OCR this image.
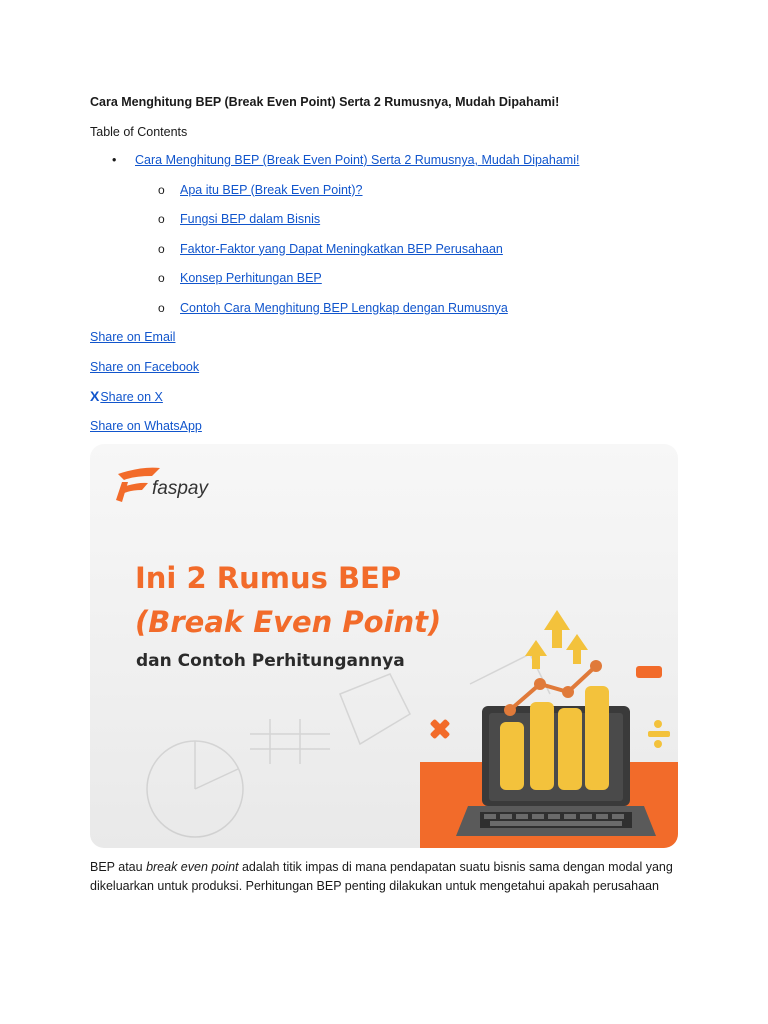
Cara Menghitung BEP (Break Even Point) Serta 2 Rumusnya, Mudah Dipahami!

Table of Contents
• Cara Menghitung BEP (Break Even Point) Serta 2 Rumusnya, Mudah Dipahami!
o Apa itu BEP (Break Even Point)?
o Fungsi BEP dalam Bisnis
o Faktor-Faktor yang Dapat Meningkatkan BEP Perusahaan
o Konsep Perhitungan BEP
o Contoh Cara Menghitung BEP Lengkap dengan Rumusnya
Share on Email
Share on Facebook
XShare on X
Share on WhatsApp
faspay
Ini 2 Rumus BEP
(Break Even Point)
dan Contoh Perhitungannya
BEP atau break even point adalah titik impas di mana pendapatan suatu bisnis sama dengan modal yang dikeluarkan untuk produksi. Perhitungan BEP penting dilakukan untuk mengetahui apakah perusahaan
